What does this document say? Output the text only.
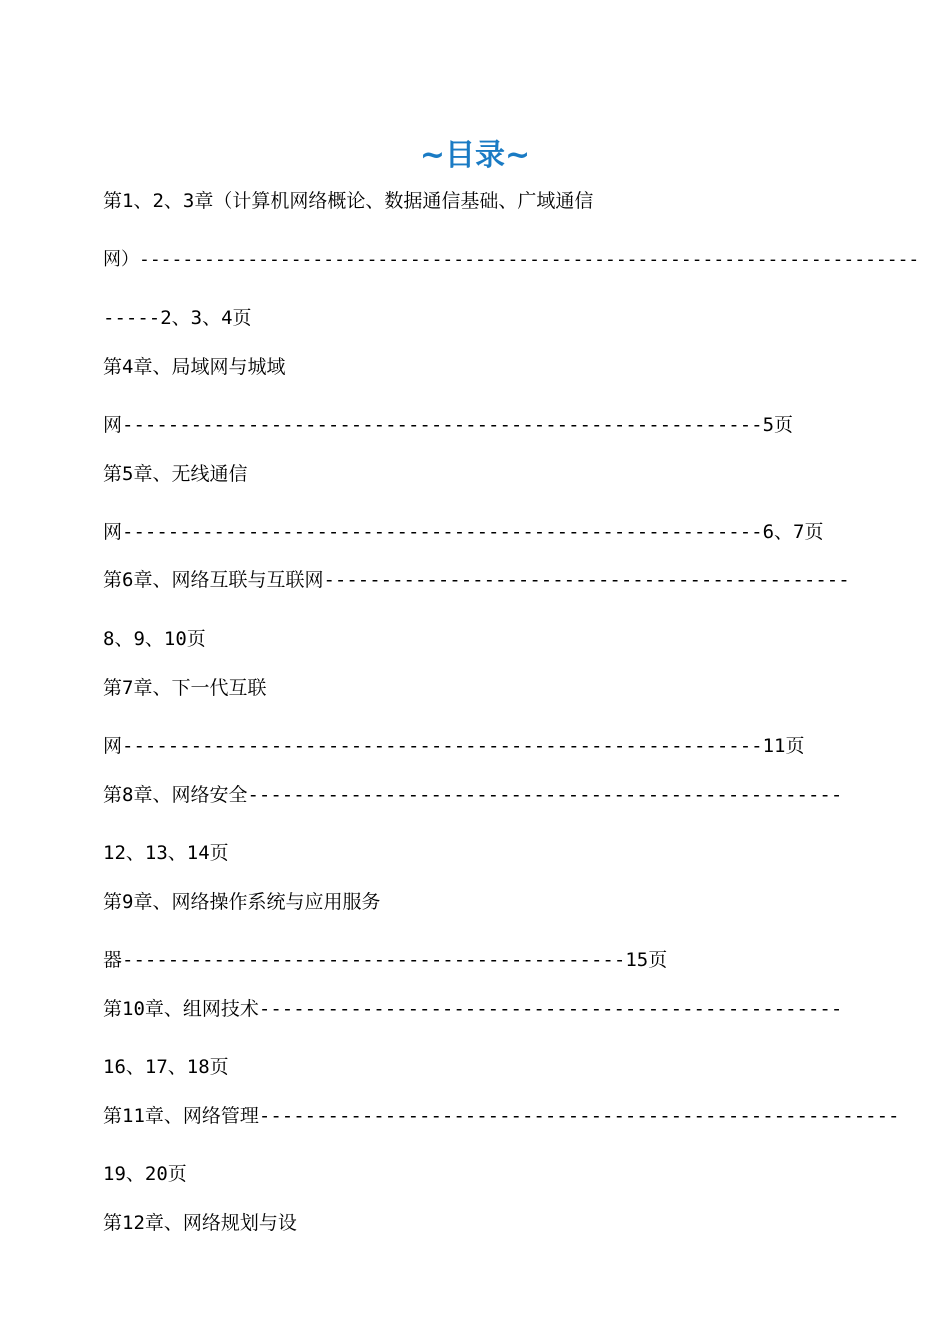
~目录~
第1、2、3章（计算机网络概论、数据通信基础、广域通信
网）------------------------------------------------------------------------
-----2、3、4页
第4章、局域网与城域
网--------------------------------------------------------5页
第5章、无线通信
网--------------------------------------------------------6、7页
第6章、网络互联与互联网----------------------------------------------
8、9、10页
第7章、下一代互联
网--------------------------------------------------------11页
第8章、网络安全----------------------------------------------------
12、13、14页
第9章、网络操作系统与应用服务
器--------------------------------------------15页
第10章、组网技术---------------------------------------------------
16、17、18页
第11章、网络管理--------------------------------------------------------
19、20页
第12章、网络规划与设
